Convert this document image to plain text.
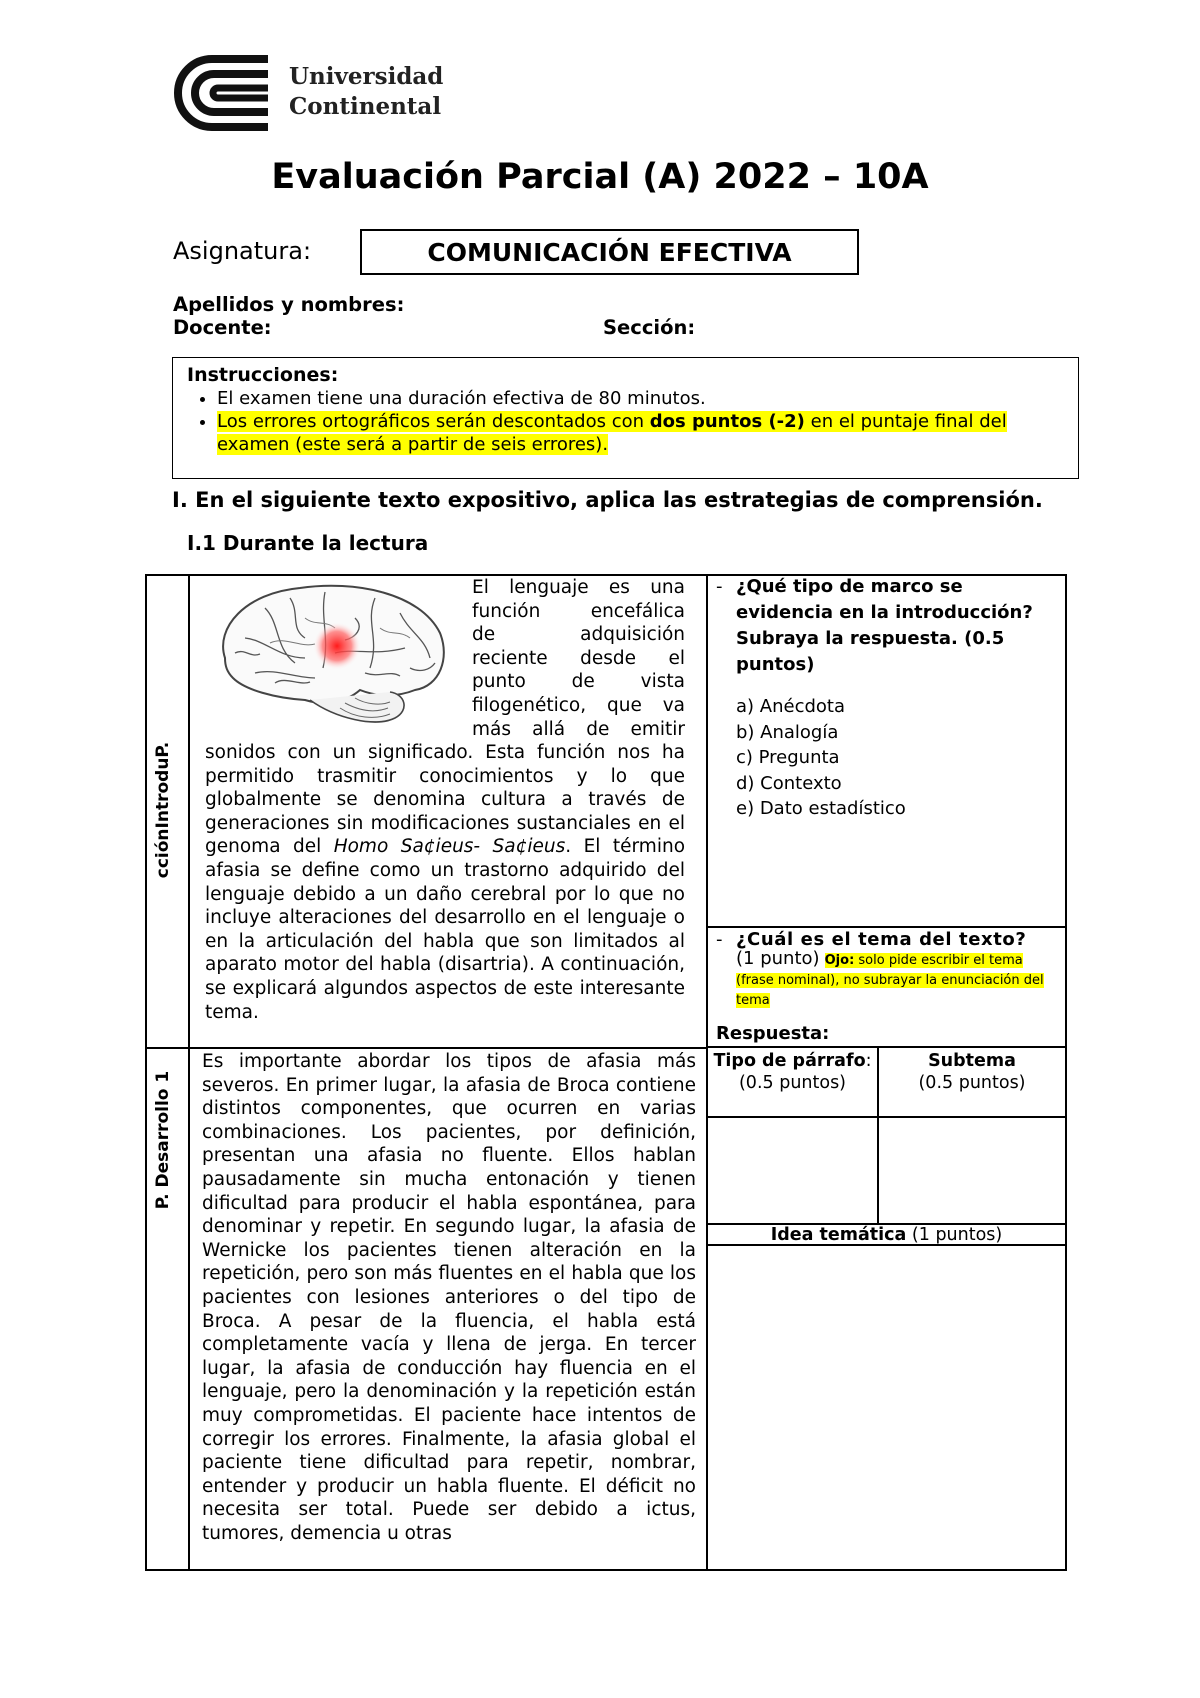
Universidad
Continental
Evaluación Parcial (A) 2022 – 10A
Asignatura:	COMUNICACIÓN EFECTIVA
Apellidos y nombres:
Docente:	Sección:
Instrucciones:
• El examen tiene una duración efectiva de 80 minutos.
• Los errores ortográficos serán descontados con dos puntos (-2) en el puntaje final del examen (este será a partir de seis errores).
I. En el siguiente texto expositivo, aplica las estrategias de comprensión.
I.1 Durante la lectura
cciónIntroduP.
P. Desarrollo 1
El lenguaje es una
función encefálica
de adquisición
reciente desde el
punto de vista
filogenético, que va
más allá de emitir
sonidos con un significado. Esta función nos ha permitido trasmitir conocimientos y lo que globalmente se denomina cultura a través de generaciones sin modificaciones sustanciales en el genoma del Homo Sa¢ieus- Sa¢ieus. El término afasia se define como un trastorno adquirido del lenguaje debido a un daño cerebral por lo que no incluye alteraciones del desarrollo en el lenguaje o en la articulación del habla que son limitados al aparato motor del habla (disartria). A continuación, se explicará algundos aspectos de este interesante tema.
Es importante abordar los tipos de afasia más severos. En primer lugar, la afasia de Broca contiene distintos componentes, que ocurren en varias combinaciones. Los pacientes, por definición, presentan una afasia no fluente. Ellos hablan pausadamente sin mucha entonación y tienen dificultad para producir el habla espontánea, para denominar y repetir. En segundo lugar, la afasia de Wernicke los pacientes tienen alteración en la repetición, pero son más fluentes en el habla que los pacientes con lesiones anteriores o del tipo de Broca. A pesar de la fluencia, el habla está completamente vacía y llena de jerga. En tercer lugar, la afasia de conducción hay fluencia en el lenguaje, pero la denominación y la repetición están muy comprometidas. El paciente hace intentos de corregir los errores. Finalmente, la afasia global el paciente tiene dificultad para repetir, nombrar, entender y producir un habla fluente. El déficit no necesita ser total. Puede ser debido a ictus, tumores, demencia u otras
- ¿Qué tipo de marco se evidencia en la introducción? Subraya la respuesta. (0.5 puntos)
a) Anécdota
b) Analogía
c) Pregunta
d) Contexto
e) Dato estadístico
- ¿Cuál es el tema del texto?
(1 punto) Ojo: solo pide escribir el tema (frase nominal), no subrayar la enunciación del tema
Respuesta:
Tipo de párrafo: (0.5 puntos)
Subtema
(0.5 puntos)
Idea temática (1 puntos)
